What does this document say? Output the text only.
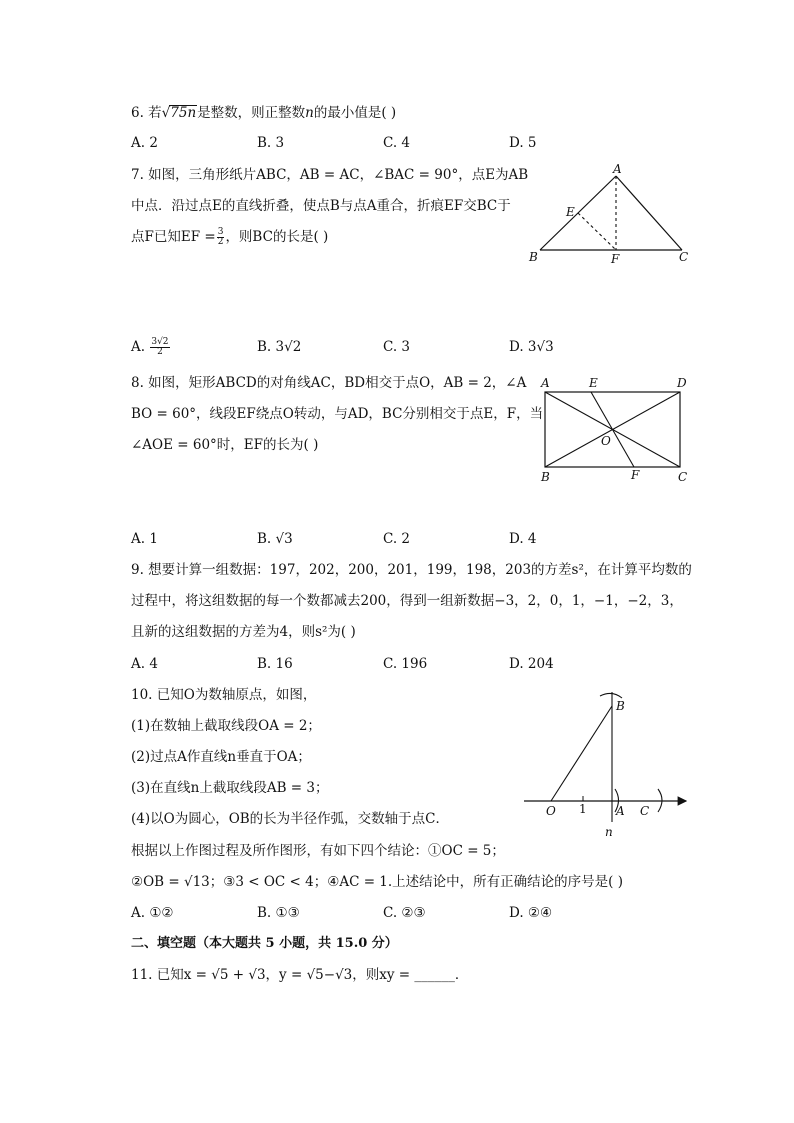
6. 若√75n是整数，则正整数n的最小值是( )
A. 2	B. 3	C. 4	D. 5
7. 如图，三角形纸片ABC，AB = AC，∠BAC = 90°，点E为AB
中点．沿过点E的直线折叠，使点B与点A重合，折痕EF交BC于
点F已知EF = $\frac{3}{2}$ ，则BC的长是( )
A
E
B	F	C
A. $\frac{3√2}{2}$	B. 3√2	C. 3	D. 3√3
8. 如图，矩形ABCD的对角线AC，BD相交于点O，AB = 2，∠A
BO = 60°，线段EF绕点O转动，与AD，BC分别相交于点E，F，当
∠AOE = 60°时，EF的长为( )
A	E	D
O
B	F	C
A. 1	B. √3	C. 2	D. 4
9. 想要计算一组数据：197，202，200，201，199，198，203的方差s²，在计算平均数的
过程中，将这组数据的每一个数都减去200，得到一组新数据−3，2，0，1，−1，−2，3，
且新的这组数据的方差为4，则s²为( )
A. 4	B. 16	C. 196	D. 204
10. 已知O为数轴原点，如图，
(1)在数轴上截取线段OA = 2；
(2)过点A作直线n垂直于OA；
(3)在直线n上截取线段AB = 3；
(4)以O为圆心，OB的长为半径作弧，交数轴于点C．
根据以上作图过程及所作图形，有如下四个结论：①OC = 5；
②OB = √13；③3 < OC < 4；④AC = 1.上述结论中，所有正确结论的序号是( )
B
O 1 A C
n
A. ①②	B. ①③	C. ②③	D. ②④
二、填空题（本大题共 5 小题，共 15.0 分）
11. 已知x = √5 + √3，y = √5−√3，则xy = ______．
